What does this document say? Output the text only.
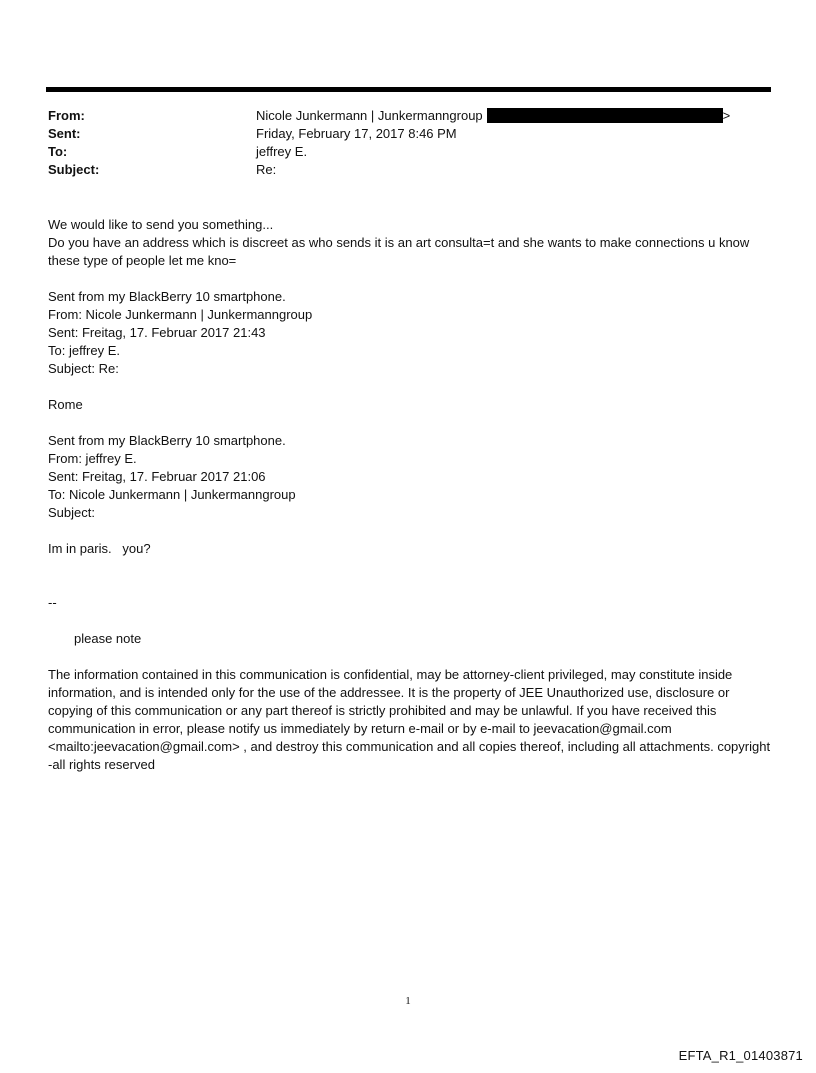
From:	Nicole Junkermann | Junkermanngroup	>
Sent:	Friday, February 17, 2017 8:46 PM
To:	jeffrey E.
Subject:	Re:

We would like to send you something...

Do you have an address which is discreet as who sends it is an art consulta=t and she wants to make connections u know these type of people let me kno=

Sent from my BlackBerry 10 smartphone.

From: Nicole Junkermann | Junkermanngroup

Sent: Freitag, 17. Februar 2017 21:43

To: jeffrey E.

Subject: Re:

Rome

Sent from my BlackBerry 10 smartphone.

From: jeffrey E.

Sent: Freitag, 17. Februar 2017 21:06

To: Nicole Junkermann | Junkermanngroup

Subject:

Im in paris.   you?

--

please note

The information contained in this communication is confidential, may be attorney-client privileged, may constitute inside information, and is intended only for the use of the addressee. It is the property of JEE Unauthorized use, disclosure or copying of this communication or any part thereof is strictly prohibited and may be unlawful. If you have received this communication in error, please notify us immediately by return e-mail or by e-mail to jeevacation@gmail.com <mailto:jeevacation@gmail.com> , and destroy this communication and all copies thereof, including all attachments. copyright -all rights reserved

1
EFTA_R1_01403871
